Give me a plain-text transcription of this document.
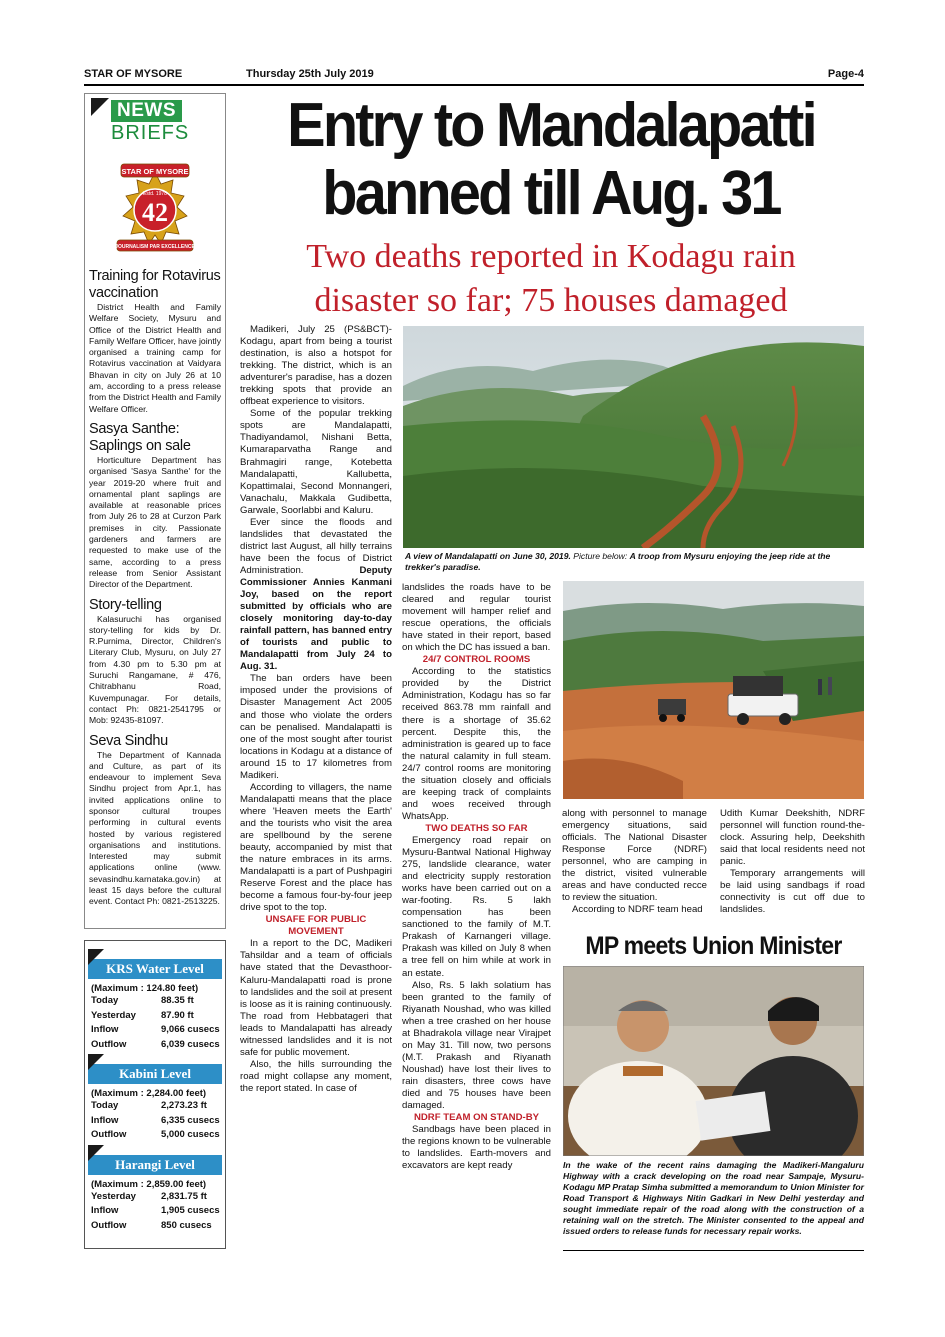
STAR OF MYSORE	Thursday 25th July 2019	Page-4
NEWS
BRIEFS
STAR OF MYSORE
Estd. 1978
42
JOURNALISM PAR EXCELLENCE
Training for Rotavirus vaccination
District Health and Family Welfare Society, Mysuru and Office of the District Health and Family Welfare Officer, have jointly organised a training camp for Rotavirus vaccination at Vaidyara Bhavan in city on July 26 at 10 am, according to a press release from the District Health and Family Welfare Officer.
Sasya Santhe: Saplings on sale
Horticulture Department has organised 'Sasya Santhe' for the year 2019-20 where fruit and ornamental plant saplings are available at reasonable prices from July 26 to 28 at Curzon Park premises in city. Passionate gardeners and farmers are requested to make use of the same, according to a press release from Senior Assistant Director of the Department.
Story-telling
Kalasuruchi has organised story-telling for kids by Dr. R.Purnima, Director, Children's Literary Club, Mysuru, on July 27 from 4.30 pm to 5.30 pm at Suruchi Rangamane, # 476, Chitrabhanu Road, Kuvempunagar. For details, contact Ph: 0821-2541795 or Mob: 92435-81097.
Seva Sindhu
The Department of Kannada and Culture, as part of its endeavour to implement Seva Sindhu project from Apr.1, has invited applications online to sponsor cultural troupes performing in cultural events hosted by various registered organisations and institutions. Interested may submit applications online (www. sevasindhu.karnataka.gov.in) at least 15 days before the cultural event. Contact Ph: 0821-2513225.
KRS Water Level
(Maximum : 124.80 feet)
Today	88.35 ft
Yesterday	87.90 ft
Inflow	9,066 cusecs
Outflow	6,039 cusecs
Kabini Level
(Maximum : 2,284.00 feet)
Today	2,273.23 ft
Inflow	6,335 cusecs
Outflow	5,000 cusecs
Harangi Level
(Maximum : 2,859.00 feet)
Yesterday	2,831.75 ft
Inflow	1,905 cusecs
Outflow	850 cusecs
Entry to Mandalapatti
banned till Aug. 31
Two deaths reported in Kodagu rain
disaster so far; 75 houses damaged

Madikeri, July 25 (PS&BCT)- Kodagu, apart from being a tourist destination, is also a hotspot for trekking. The district, which is an adventurer's paradise, has a dozen trekking spots that provide an offbeat experience to visitors.

Some of the popular trekking spots are Mandalapatti, Thadiyandamol, Nishani Betta, Kumaraparvatha Range and Brahmagiri range, Kotebetta Mandalapatti, Kallubetta, Kopattimalai, Second Monnangeri, Vanachalu, Makkala Gudibetta, Garwale, Soorlabbi and Kaluru.

Ever since the floods and landslides that devastated the district last August, all hilly terrains have been the focus of District Administration. Deputy Commissioner Annies Kanmani Joy, based on the report submitted by officials who are closely monitoring day-to-day rainfall pattern, has banned entry of tourists and public to Mandalapatti from July 24 to Aug. 31.

The ban orders have been imposed under the provisions of Disaster Management Act 2005 and those who violate the orders can be penalised. Mandalapatti is one of the most sought after tourist locations in Kodagu at a distance of around 15 to 17 kilometres from Madikeri.

According to villagers, the name Mandalapatti means that the place where 'Heaven meets the Earth' and the tourists who visit the area are spellbound by the serene beauty, accompanied by mist that the nature embraces in its arms. Mandalapatti is a part of Pushpagiri Reserve Forest and the place has become a famous four-by-four jeep drive spot to the top.

UNSAFE FOR PUBLIC MOVEMENT

In a report to the DC, Madikeri Tahsildar and a team of officials have stated that the Devasthoor-Kaluru-Mandalapatti road is prone to landslides and the soil at present is loose as it is raining continuously. The road from Hebbatageri that leads to Mandalapatti has already witnessed landslides and it is not safe for public movement.

Also, the hills surrounding the road might collapse any moment, the report stated. In case of

A view of Mandalapatti on June 30, 2019. Picture below: A troop from Mysuru enjoying the jeep ride at the trekker's paradise.

landslides the roads have to be cleared and regular tourist movement will hamper relief and rescue operations, the officials have stated in their report, based on which the DC has issued a ban.

24/7 CONTROL ROOMS

According to the statistics provided by the District Administration, Kodagu has so far received 863.78 mm rainfall and there is a shortage of 35.62 percent. Despite this, the administration is geared up to face the natural calamity in full steam. 24/7 control rooms are monitoring the situation closely and officials are keeping track of complaints and woes received through WhatsApp.

TWO DEATHS SO FAR

Emergency road repair on Mysuru-Bantwal National Highway 275, landslide clearance, water and electricity supply restoration works have been carried out on a war-footing. Rs. 5 lakh compensation has been sanctioned to the family of M.T. Prakash of Karnangeri village. Prakash was killed on July 8 when a tree fell on him while at work in an estate.

Also, Rs. 5 lakh solatium has been granted to the family of Riyanath Noushad, who was killed when a tree crashed on her house at Bhadrakola village near Virajpet on May 31. Till now, two persons (M.T. Prakash and Riyanath Noushad) have lost their lives to rain disasters, three cows have died and 75 houses have been damaged.

NDRF TEAM ON STAND-BY

Sandbags have been placed in the regions known to be vulnerable to landslides. Earth-movers and excavators are kept ready

along with personnel to manage emergency situations, said officials. The National Disaster Response Force (NDRF) personnel, who are camping in the district, visited vulnerable areas and have conducted recce to review the situation.

According to NDRF team head

Udith Kumar Deekshith, NDRF personnel will function round-the-clock. Assuring help, Deekshith said that local residents need not panic.

Temporary arrangements will be laid using sandbags if road connectivity is cut off due to landslides.

MP meets Union Minister
In the wake of the recent rains damaging the Madikeri-Mangaluru Highway with a crack developing on the road near Sampaje, Mysuru-Kodagu MP Pratap Simha submitted a memorandum to Union Minister for Road Transport & Highways Nitin Gadkari in New Delhi yesterday and sought immediate repair of the road along with the construction of a retaining wall on the stretch. The Minister consented to the appeal and issued orders to release funds for necessary repair works.
